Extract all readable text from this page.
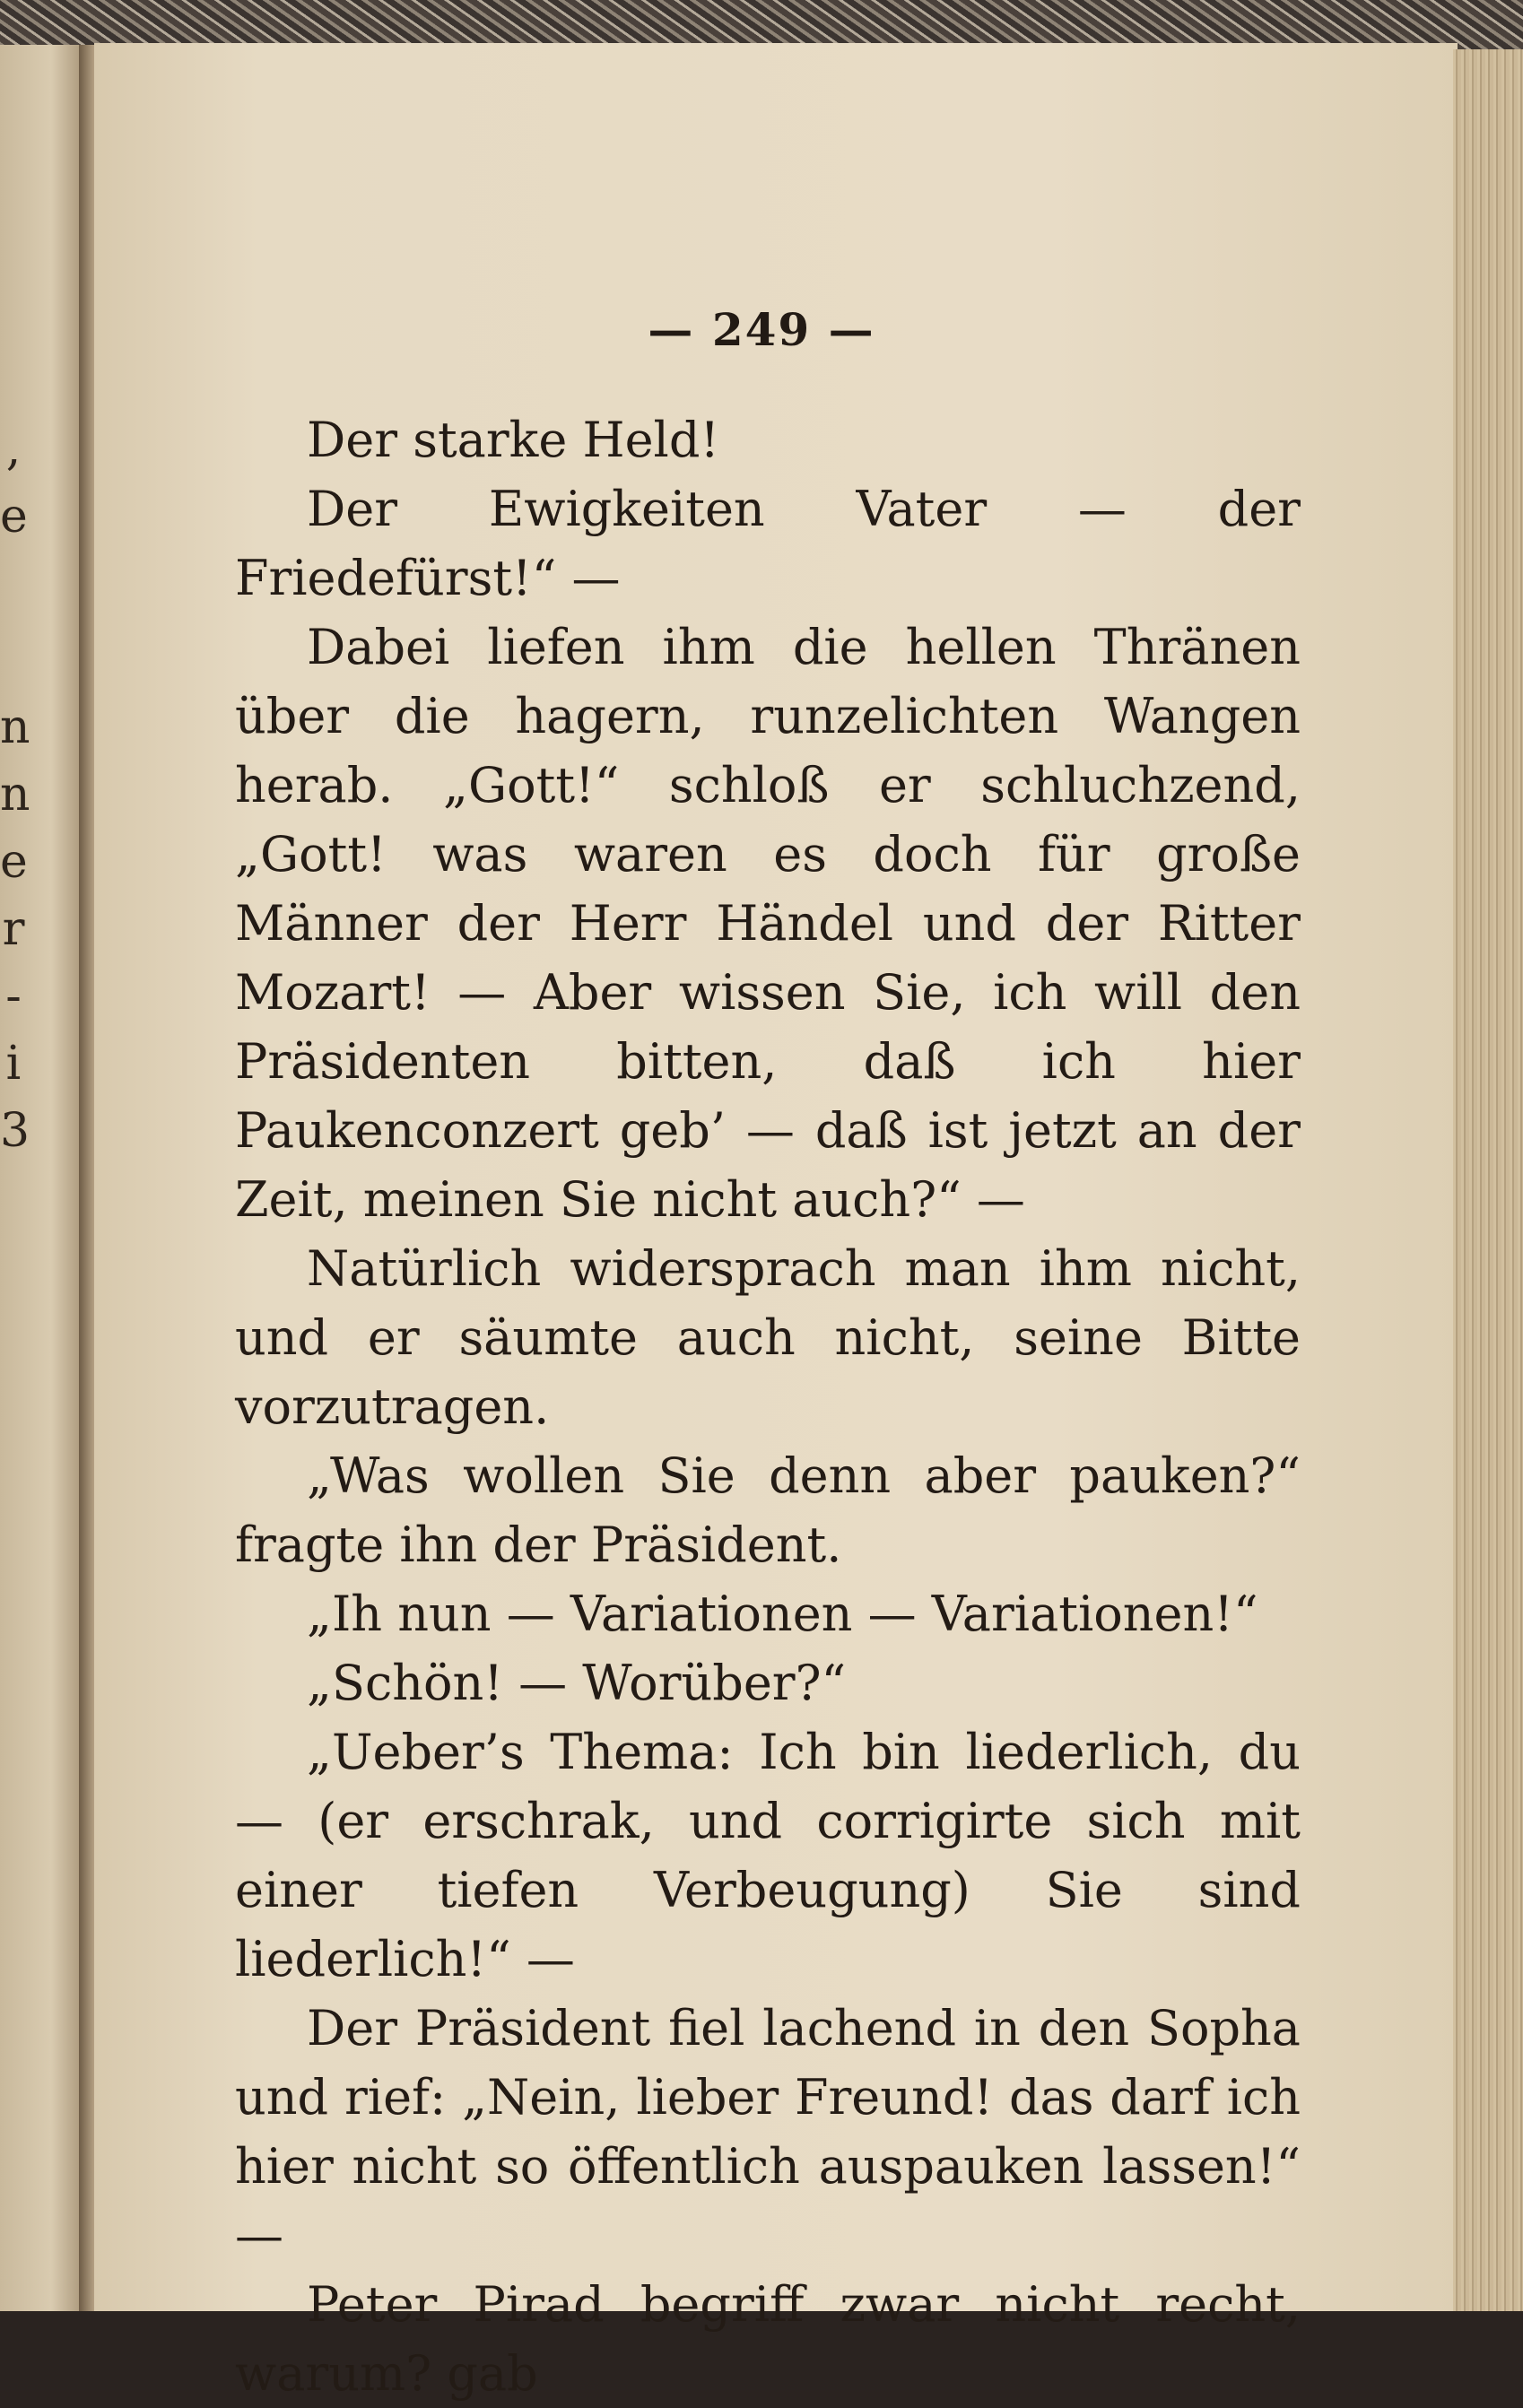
,
e
n
n
e
r
-
i
3
— 249 —

Der starke Held!

Der Ewigkeiten Vater — der Friedefürst!“ —

Dabei liefen ihm die hellen Thränen über die hagern, runzelichten Wangen herab. „Gott!“ schloß er schluchzend, „Gott! was waren es doch für große Männer der Herr Händel und der Ritter Mozart! — Aber wissen Sie, ich will den Präsidenten bitten, daß ich hier Paukenconzert geb’ — daß ist jetzt an der Zeit, meinen Sie nicht auch?“ —

Natürlich widersprach man ihm nicht, und er säumte auch nicht, seine Bitte vorzutragen.

„Was wollen Sie denn aber pauken?“ fragte ihn der Präsident.

„Ih nun — Variationen — Variationen!“

„Schön! — Worüber?“

„Ueber’s Thema: Ich bin liederlich, du — (er erschrak, und corrigirte sich mit einer tiefen Verbeugung) Sie sind liederlich!“ —

Der Präsident fiel lachend in den Sopha und rief: „Nein, lieber Freund! das darf ich hier nicht so öffentlich auspauken lassen!“ —

Peter Pirad begriff zwar nicht recht, warum? gab
